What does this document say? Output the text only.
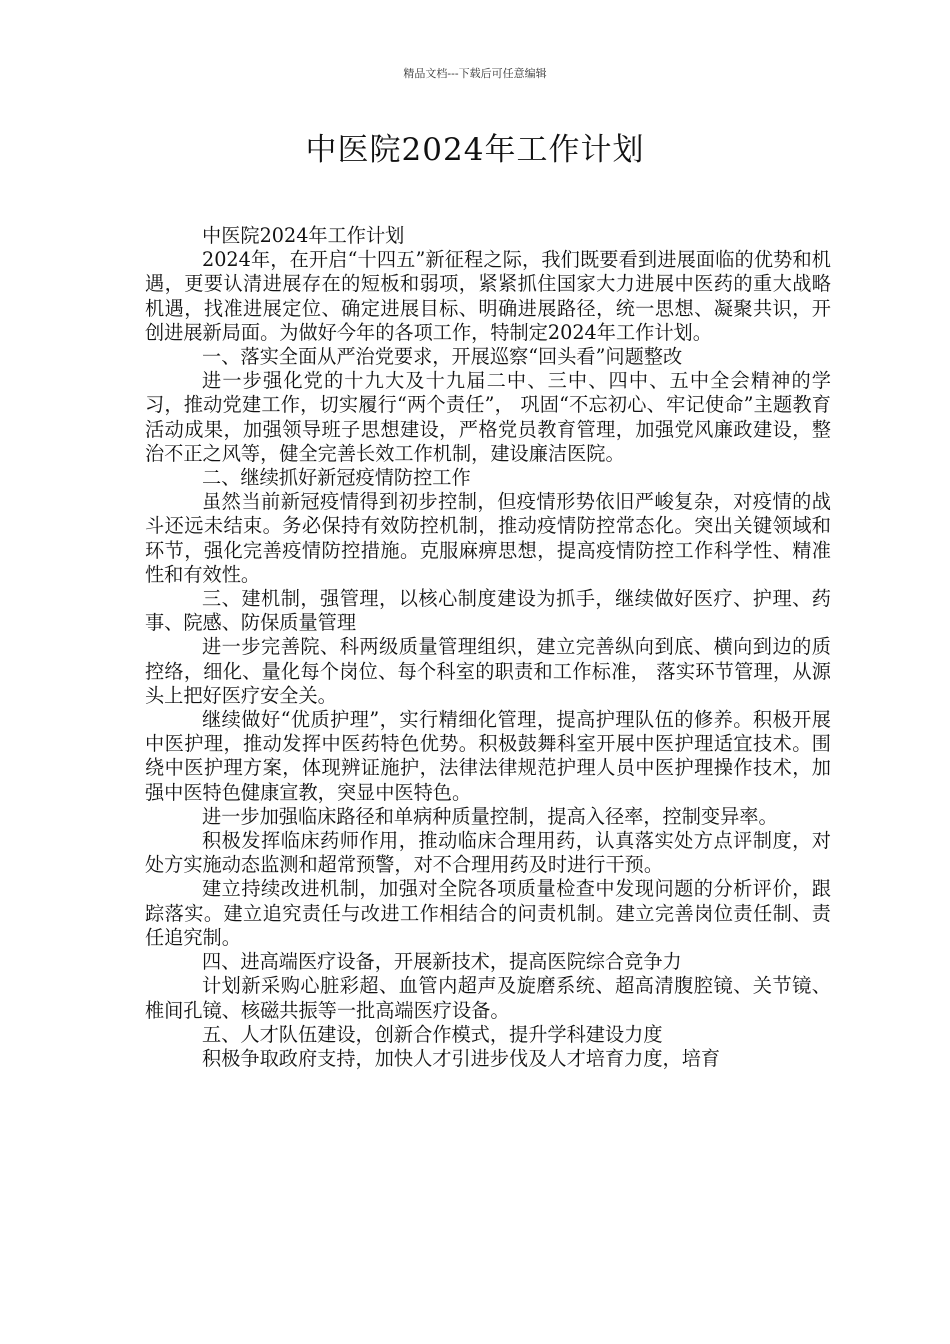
精品文档---下载后可任意编辑
中医院2024年工作计划

中医院2024年工作计划

2024年，在开启“十四五”新征程之际，我们既要看到进展面临的优势和机遇，更要认清进展存在的短板和弱项，紧紧抓住国家大力进展中医药的重大战略机遇，找准进展定位、确定进展目标、明确进展路径，统一思想、凝聚共识，开创进展新局面。为做好今年的各项工作，特制定2024年工作计划。

一、落实全面从严治党要求，开展巡察“回头看”问题整改

进一步强化党的十九大及十九届二中、三中、四中、五中全会精神的学习，推动党建工作，切实履行“两个责任”， 巩固“不忘初心、牢记使命”主题教育活动成果，加强领导班子思想建设，严格党员教育管理，加强党风廉政建设，整治不正之风等，健全完善长效工作机制，建设廉洁医院。

二、继续抓好新冠疫情防控工作

虽然当前新冠疫情得到初步控制，但疫情形势依旧严峻复杂，对疫情的战斗还远未结束。务必保持有效防控机制，推动疫情防控常态化。突出关键领域和环节，强化完善疫情防控措施。克服麻痹思想，提高疫情防控工作科学性、精准性和有效性。

三、建机制，强管理，以核心制度建设为抓手，继续做好医疗、护理、药事、院感、防保质量管理

进一步完善院、科两级质量管理组织，建立完善纵向到底、横向到边的质控络，细化、量化每个岗位、每个科室的职责和工作标准， 落实环节管理，从源头上把好医疗安全关。

继续做好“优质护理”，实行精细化管理，提高护理队伍的修养。积极开展中医护理，推动发挥中医药特色优势。积极鼓舞科室开展中医护理适宜技术。围绕中医护理方案，体现辨证施护，法律法律规范护理人员中医护理操作技术，加强中医特色健康宣教，突显中医特色。

进一步加强临床路径和单病种质量控制，提高入径率，控制变异率。

积极发挥临床药师作用，推动临床合理用药，认真落实处方点评制度，对处方实施动态监测和超常预警，对不合理用药及时进行干预。

建立持续改进机制，加强对全院各项质量检查中发现问题的分析评价，跟踪落实。建立追究责任与改进工作相结合的问责机制。建立完善岗位责任制、责任追究制。

四、进高端医疗设备，开展新技术，提高医院综合竞争力

计划新采购心脏彩超、血管内超声及旋磨系统、超高清腹腔镜、关节镜、椎间孔镜、核磁共振等一批高端医疗设备。

五、人才队伍建设，创新合作模式，提升学科建设力度

积极争取政府支持，加快人才引进步伐及人才培育力度，培育
